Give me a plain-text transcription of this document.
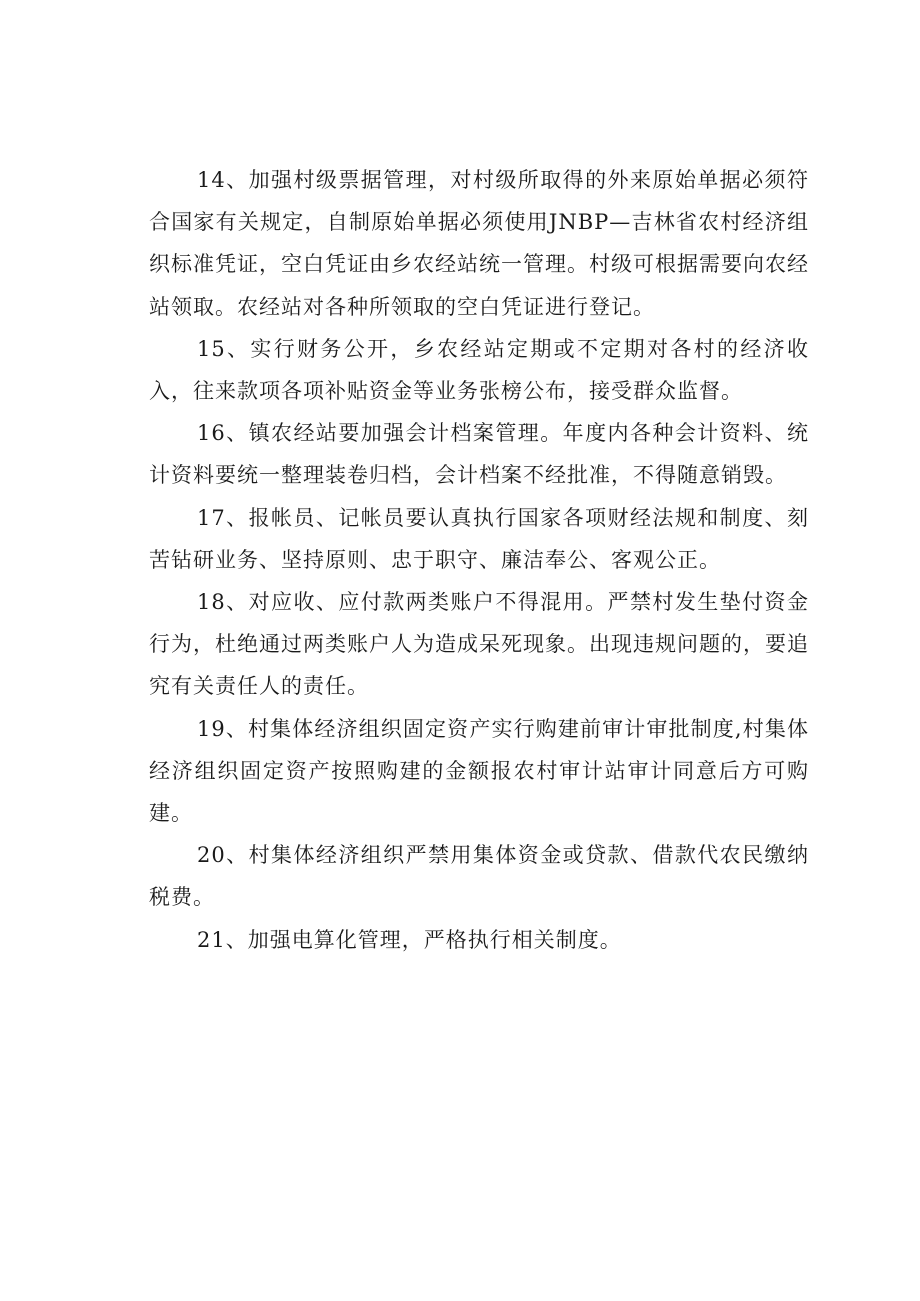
14、加强村级票据管理，对村级所取得的外来原始单据必须符合国家有关规定，自制原始单据必须使用JNBP—吉林省农村经济组织标准凭证，空白凭证由乡农经站统一管理。村级可根据需要向农经站领取。农经站对各种所领取的空白凭证进行登记。

15、实行财务公开，乡农经站定期或不定期对各村的经济收入，往来款项各项补贴资金等业务张榜公布，接受群众监督。

16、镇农经站要加强会计档案管理。年度内各种会计资料、统计资料要统一整理装卷归档，会计档案不经批准，不得随意销毁。

17、报帐员、记帐员要认真执行国家各项财经法规和制度、刻苦钻研业务、坚持原则、忠于职守、廉洁奉公、客观公正。

18、对应收、应付款两类账户不得混用。严禁村发生垫付资金行为，杜绝通过两类账户人为造成呆死现象。出现违规问题的，要追究有关责任人的责任。

19、村集体经济组织固定资产实行购建前审计审批制度,村集体经济组织固定资产按照购建的金额报农村审计站审计同意后方可购建。

20、村集体经济组织严禁用集体资金或贷款、借款代农民缴纳税费。

21、加强电算化管理，严格执行相关制度。
